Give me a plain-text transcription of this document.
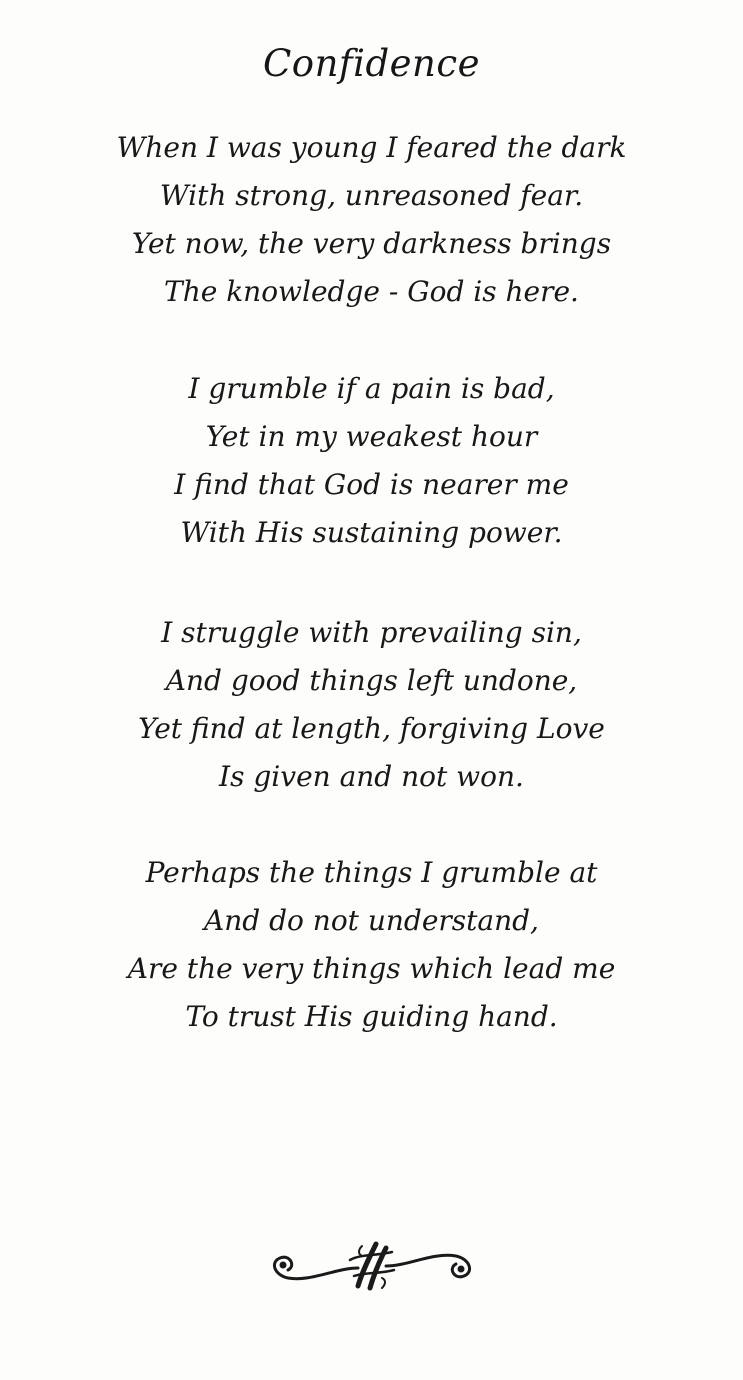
Confidence
When I was young I feared the dark
With strong, unreasoned fear.
Yet now, the very darkness brings
The knowledge - God is here.
I grumble if a pain is bad,
Yet in my weakest hour
I find that God is nearer me
With His sustaining power.
I struggle with prevailing sin,
And good things left undone,
Yet find at length, forgiving Love
Is given and not won.
Perhaps the things I grumble at
And do not understand,
Are the very things which lead me
To trust His guiding hand.
